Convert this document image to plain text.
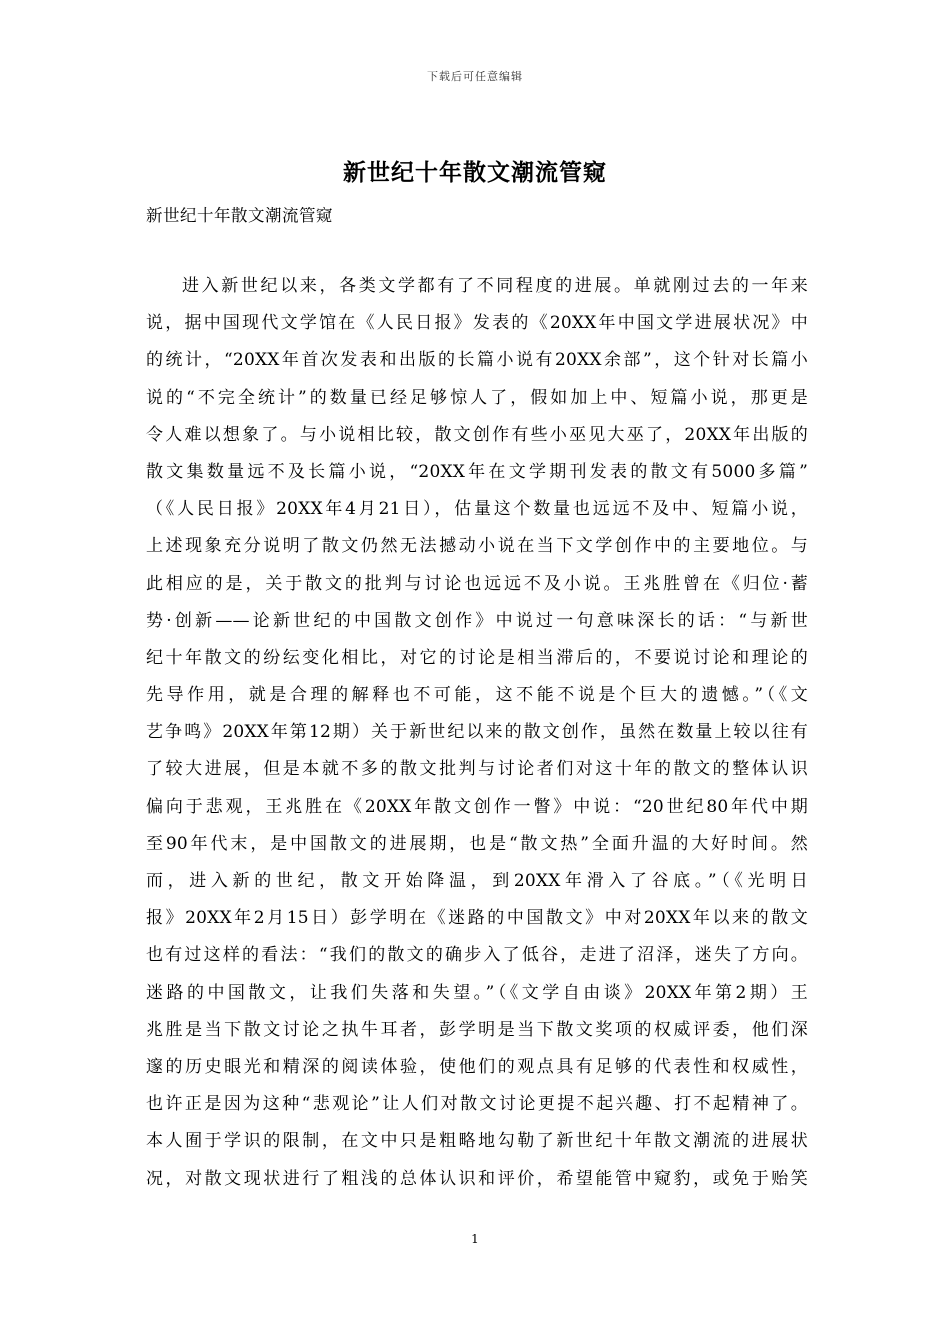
下载后可任意编辑
新世纪十年散文潮流管窥
新世纪十年散文潮流管窥
进入新世纪以来，各类文学都有了不同程度的进展。单就刚过去的一年来
说，据中国现代文学馆在《人民日报》发表的《20XX年中国文学进展状况》中
的统计，“20XX年首次发表和出版的长篇小说有20XX余部”，这个针对长篇小
说的“不完全统计”的数量已经足够惊人了，假如加上中、短篇小说，那更是
令人难以想象了。与小说相比较，散文创作有些小巫见大巫了，20XX年出版的
散文集数量远不及长篇小说，“20XX年在文学期刊发表的散文有5000多篇”
（《人民日报》20XX年4月21日），估量这个数量也远远不及中、短篇小说，
上述现象充分说明了散文仍然无法撼动小说在当下文学创作中的主要地位。与
此相应的是，关于散文的批判与讨论也远远不及小说。王兆胜曾在《归位·蓄
势·创新——论新世纪的中国散文创作》中说过一句意味深长的话：“与新世
纪十年散文的纷纭变化相比，对它的讨论是相当滞后的，不要说讨论和理论的
先导作用，就是合理的解释也不可能，这不能不说是个巨大的遗憾。”（《文
艺争鸣》20XX年第12期）关于新世纪以来的散文创作，虽然在数量上较以往有
了较大进展，但是本就不多的散文批判与讨论者们对这十年的散文的整体认识
偏向于悲观，王兆胜在《20XX年散文创作一瞥》中说：“20世纪80年代中期
至90年代末，是中国散文的进展期，也是“散文热”全面升温的大好时间。然
而，进入新的世纪，散文开始降温，到20XX年滑入了谷底。”（《光明日
报》20XX年2月15日）彭学明在《迷路的中国散文》中对20XX年以来的散文
也有过这样的看法：“我们的散文的确步入了低谷，走进了沼泽，迷失了方向。
迷路的中国散文，让我们失落和失望。”（《文学自由谈》20XX年第2期）王
兆胜是当下散文讨论之执牛耳者，彭学明是当下散文奖项的权威评委，他们深
邃的历史眼光和精深的阅读体验，使他们的观点具有足够的代表性和权威性，
也许正是因为这种“悲观论”让人们对散文讨论更提不起兴趣、打不起精神了。
本人囿于学识的限制，在文中只是粗略地勾勒了新世纪十年散文潮流的进展状
况，对散文现状进行了粗浅的总体认识和评价，希望能管中窥豹，或免于贻笑
1
